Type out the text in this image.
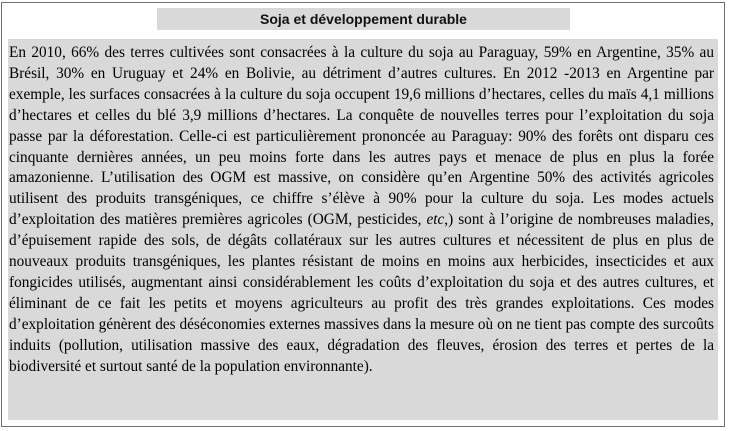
Soja et développement durable

En 2010, 66% des terres cultivées sont consacrées à la culture du soja au Paraguay, 59% en Argentine, 35% au Brésil, 30% en Uruguay et 24% en Bolivie, au détriment d’autres cultures. En 2012 -2013 en Argentine par exemple, les surfaces consacrées à la culture du soja occupent 19,6 millions d’hectares, celles du maïs 4,1 millions d’hectares et celles du blé 3,9 millions d’hectares. La conquête de nouvelles terres pour l’exploitation du soja passe par la déforestation. Celle-ci est particulièrement prononcée au Paraguay: 90% des forêts ont disparu ces cinquante dernières années, un peu moins forte dans les autres pays et menace de plus en plus la forée amazonienne. L’utilisation des OGM est massive, on considère qu’en Argentine 50% des activités agricoles utilisent des produits transgéniques, ce chiffre s’élève à 90% pour la culture du soja. Les modes actuels d’exploitation des matières premières agricoles (OGM, pesticides, etc,) sont à l’origine de nombreuses maladies, d’épuisement rapide des sols, de dégâts collatéraux sur les autres cultures et nécessitent de plus en plus de nouveaux produits transgéniques, les plantes résistant de moins en moins aux herbicides, insecticides et aux fongicides utilisés, augmentant ainsi considérablement les coûts d’exploitation du soja et des autres cultures, et éliminant de ce fait les petits et moyens agriculteurs au profit des très grandes exploitations. Ces modes d’exploitation génèrent des déséconomies externes massives dans la mesure où on ne tient pas compte des surcoûts induits (pollution, utilisation massive des eaux, dégradation des fleuves, érosion des terres et pertes de la biodiversité et surtout santé de la population environnante).
